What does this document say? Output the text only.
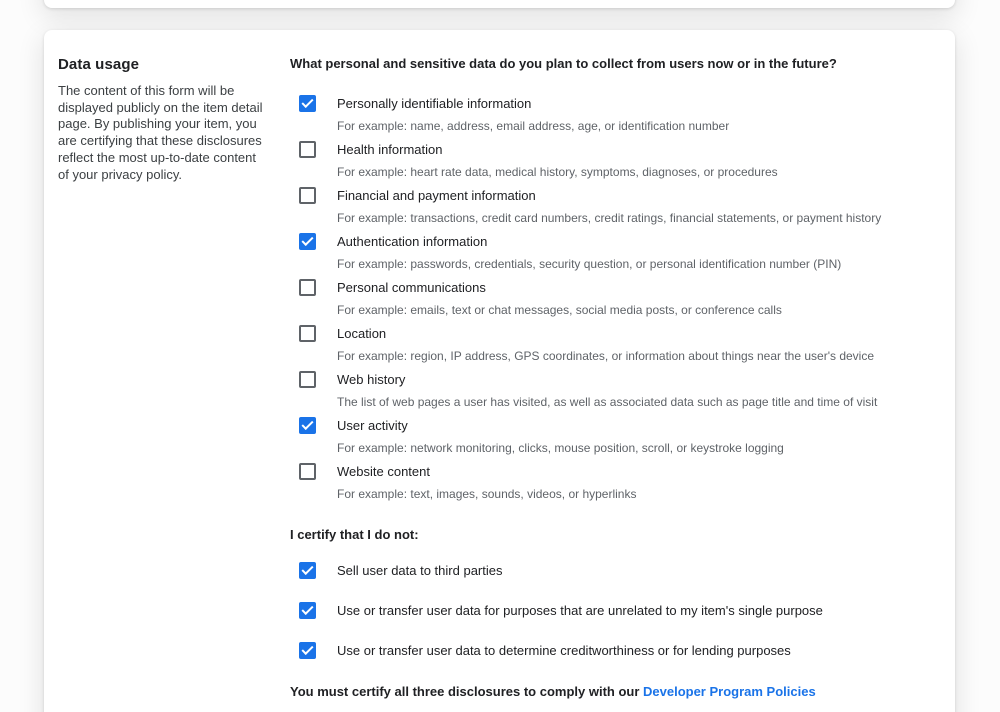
Data usage
The content of this form will be displayed publicly on the item detail page. By publishing your item, you are certifying that these disclosures reflect the most up-to-date content of your privacy policy.
What personal and sensitive data do you plan to collect from users now or in the future?
Personally identifiable information
For example: name, address, email address, age, or identification number
Health information
For example: heart rate data, medical history, symptoms, diagnoses, or procedures
Financial and payment information
For example: transactions, credit card numbers, credit ratings, financial statements, or payment history
Authentication information
For example: passwords, credentials, security question, or personal identification number (PIN)
Personal communications
For example: emails, text or chat messages, social media posts, or conference calls
Location
For example: region, IP address, GPS coordinates, or information about things near the user's device
Web history
The list of web pages a user has visited, as well as associated data such as page title and time of visit
User activity
For example: network monitoring, clicks, mouse position, scroll, or keystroke logging
Website content
For example: text, images, sounds, videos, or hyperlinks
I certify that I do not:
Sell user data to third parties
Use or transfer user data for purposes that are unrelated to my item's single purpose
Use or transfer user data to determine creditworthiness or for lending purposes
You must certify all three disclosures to comply with our Developer Program Policies
